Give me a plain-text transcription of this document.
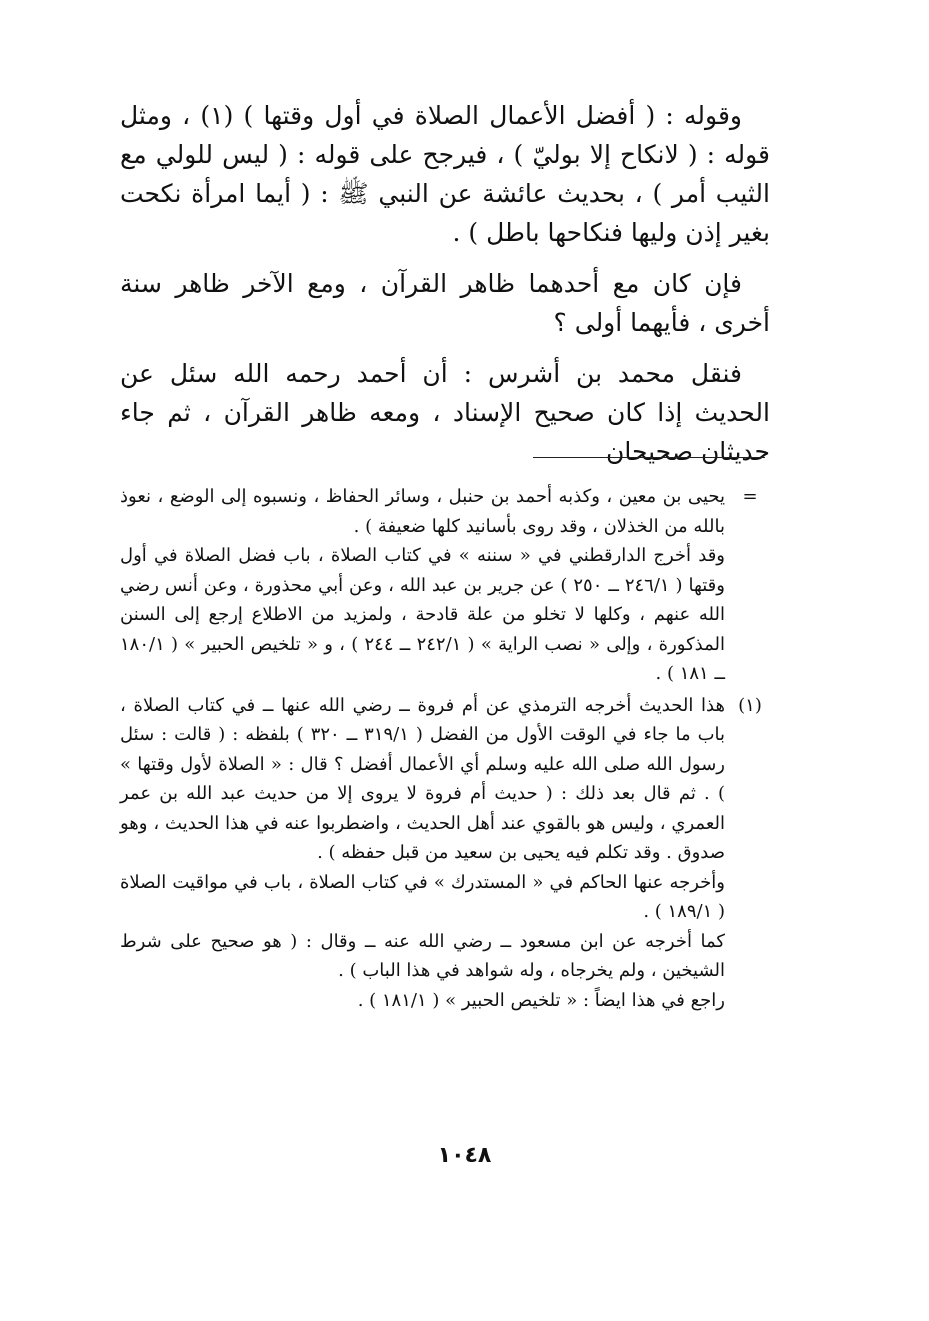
وقوله : ( أفضل الأعمال الصلاة في أول وقتها ) (١) ، ومثل قوله : ( لانكاح إلا بوليّ ) ، فيرجح على قوله : ( ليس للولي مع الثيب أمر ) ، بحديث عائشة عن النبي ﷺ : ( أيما امرأة نكحت بغير إذن وليها فنكاحها باطل ) .

فإن كان مع أحدهما ظاهر القرآن ، ومع الآخر ظاهر سنة أخرى ، فأيهما أولى ؟

فنقل محمد بن أشرس : أن أحمد رحمه الله سئل عن الحديث إذا كان صحيح الإسناد ، ومعه ظاهر القرآن ، ثم جاء حديثان صحيحان

=
يحيى بن معين ، وكذبه أحمد بن حنبل ، وسائر الحفاظ ، ونسبوه إلى الوضع ، نعوذ بالله من الخذلان ، وقد روى بأسانيد كلها ضعيفة ) .
وقد أخرج الدارقطني في « سننه » في كتاب الصلاة ، باب فضل الصلاة في أول وقتها ( ٢٤٦/١ ــ ٢٥٠ ) عن جرير بن عبد الله ، وعن أبي محذورة ، وعن أنس رضي الله عنهم ، وكلها لا تخلو من علة قادحة ، ولمزيد من الاطلاع إرجع إلى السنن المذكورة ، وإلى « نصب الراية » ( ٢٤٢/١ ــ ٢٤٤ ) ، و « تلخيص الحبير » ( ١٨٠/١ ــ ١٨١ ) .
(١)
هذا الحديث أخرجه الترمذي عن أم فروة ــ رضي الله عنها ــ في كتاب الصلاة ، باب ما جاء في الوقت الأول من الفضل ( ٣١٩/١ ــ ٣٢٠ ) بلفظه : ( قالت : سئل رسول الله صلى الله عليه وسلم أي الأعمال أفضل ؟ قال : « الصلاة لأول وقتها » ) . ثم قال بعد ذلك : ( حديث أم فروة لا يروى إلا من حديث عبد الله بن عمر العمري ، وليس هو بالقوي عند أهل الحديث ، واضطربوا عنه في هذا الحديث ، وهو صدوق . وقد تكلم فيه يحيى بن سعيد من قبل حفظه ) .
وأخرجه عنها الحاكم في « المستدرك » في كتاب الصلاة ، باب في مواقيت الصلاة ( ١٨٩/١ ) .
كما أخرجه عن ابن مسعود ــ رضي الله عنه ــ وقال : ( هو صحيح على شرط الشيخين ، ولم يخرجاه ، وله شواهد في هذا الباب ) .
راجع في هذا ايضاً : « تلخيص الحبير » ( ١٨١/١ ) .
١٠٤٨
